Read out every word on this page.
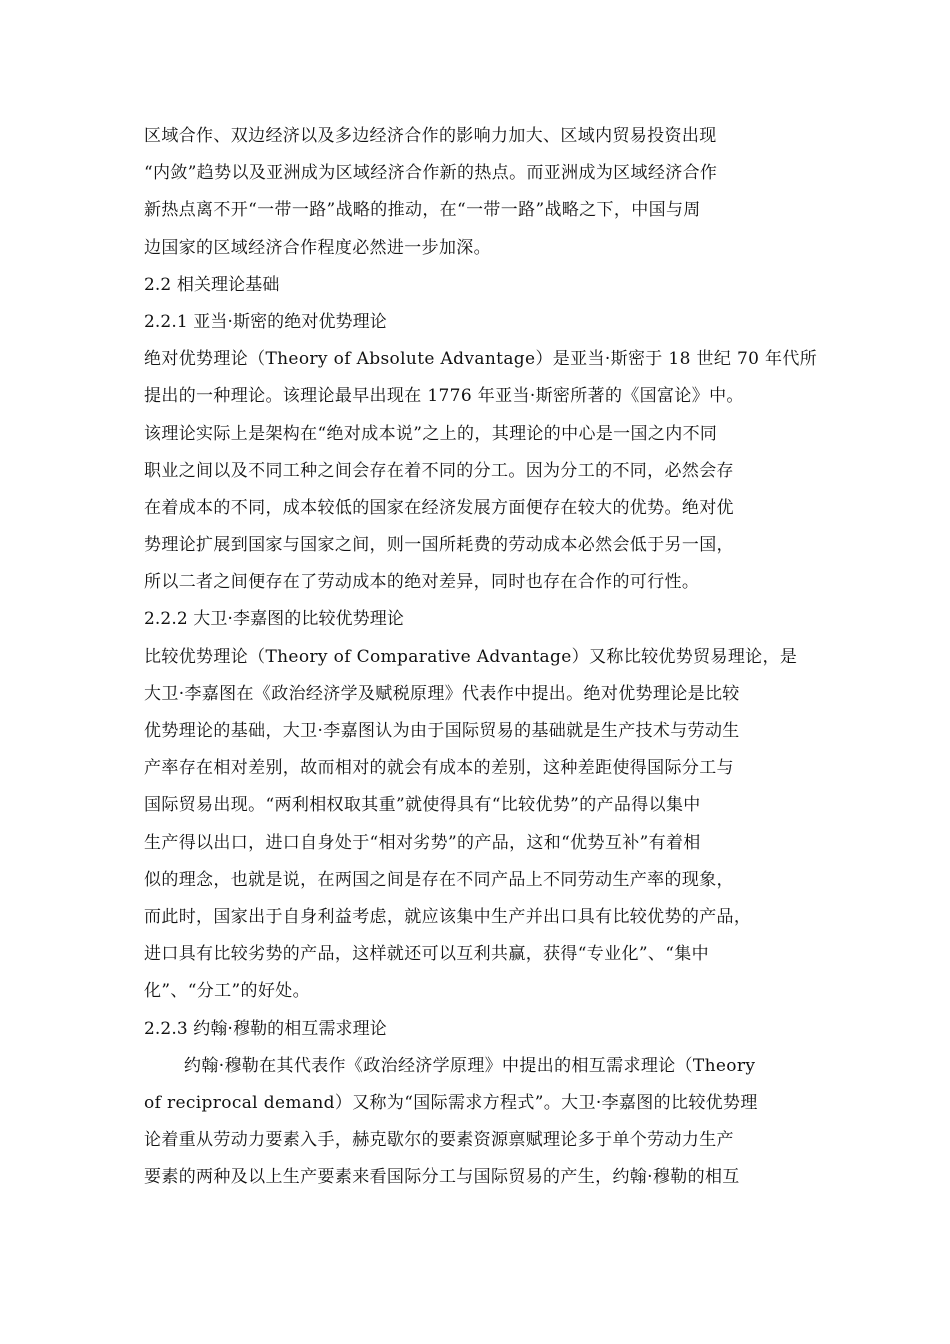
区域合作、双边经济以及多边经济合作的影响力加大、区域内贸易投资出现
“内敛”趋势以及亚洲成为区域经济合作新的热点。而亚洲成为区域经济合作
新热点离不开“一带一路”战略的推动，在“一带一路”战略之下，中国与周
边国家的区域经济合作程度必然进一步加深。
2.2 相关理论基础
2.2.1 亚当·斯密的绝对优势理论
绝对优势理论（Theory of Absolute Advantage）是亚当·斯密于 18 世纪 70 年代所
提出的一种理论。该理论最早出现在 1776 年亚当·斯密所著的《国富论》中。
该理论实际上是架构在“绝对成本说”之上的，其理论的中心是一国之内不同
职业之间以及不同工种之间会存在着不同的分工。因为分工的不同，必然会存
在着成本的不同，成本较低的国家在经济发展方面便存在较大的优势。绝对优
势理论扩展到国家与国家之间，则一国所耗费的劳动成本必然会低于另一国，
所以二者之间便存在了劳动成本的绝对差异，同时也存在合作的可行性。
2.2.2 大卫·李嘉图的比较优势理论
比较优势理论（Theory of Comparative Advantage）又称比较优势贸易理论，是
大卫·李嘉图在《政治经济学及赋税原理》代表作中提出。绝对优势理论是比较
优势理论的基础，大卫·李嘉图认为由于国际贸易的基础就是生产技术与劳动生
产率存在相对差别，故而相对的就会有成本的差别，这种差距使得国际分工与
国际贸易出现。“两利相权取其重”就使得具有“比较优势”的产品得以集中
生产得以出口，进口自身处于“相对劣势”的产品，这和“优势互补”有着相
似的理念，也就是说，在两国之间是存在不同产品上不同劳动生产率的现象，
而此时，国家出于自身利益考虑，就应该集中生产并出口具有比较优势的产品，
进口具有比较劣势的产品，这样就还可以互利共赢，获得“专业化”、“集中
化”、“分工”的好处。
2.2.3 约翰·穆勒的相互需求理论
约翰·穆勒在其代表作《政治经济学原理》中提出的相互需求理论（Theory
of reciprocal demand）又称为“国际需求方程式”。大卫·李嘉图的比较优势理
论着重从劳动力要素入手，赫克歇尔的要素资源禀赋理论多于单个劳动力生产
要素的两种及以上生产要素来看国际分工与国际贸易的产生，约翰·穆勒的相互
